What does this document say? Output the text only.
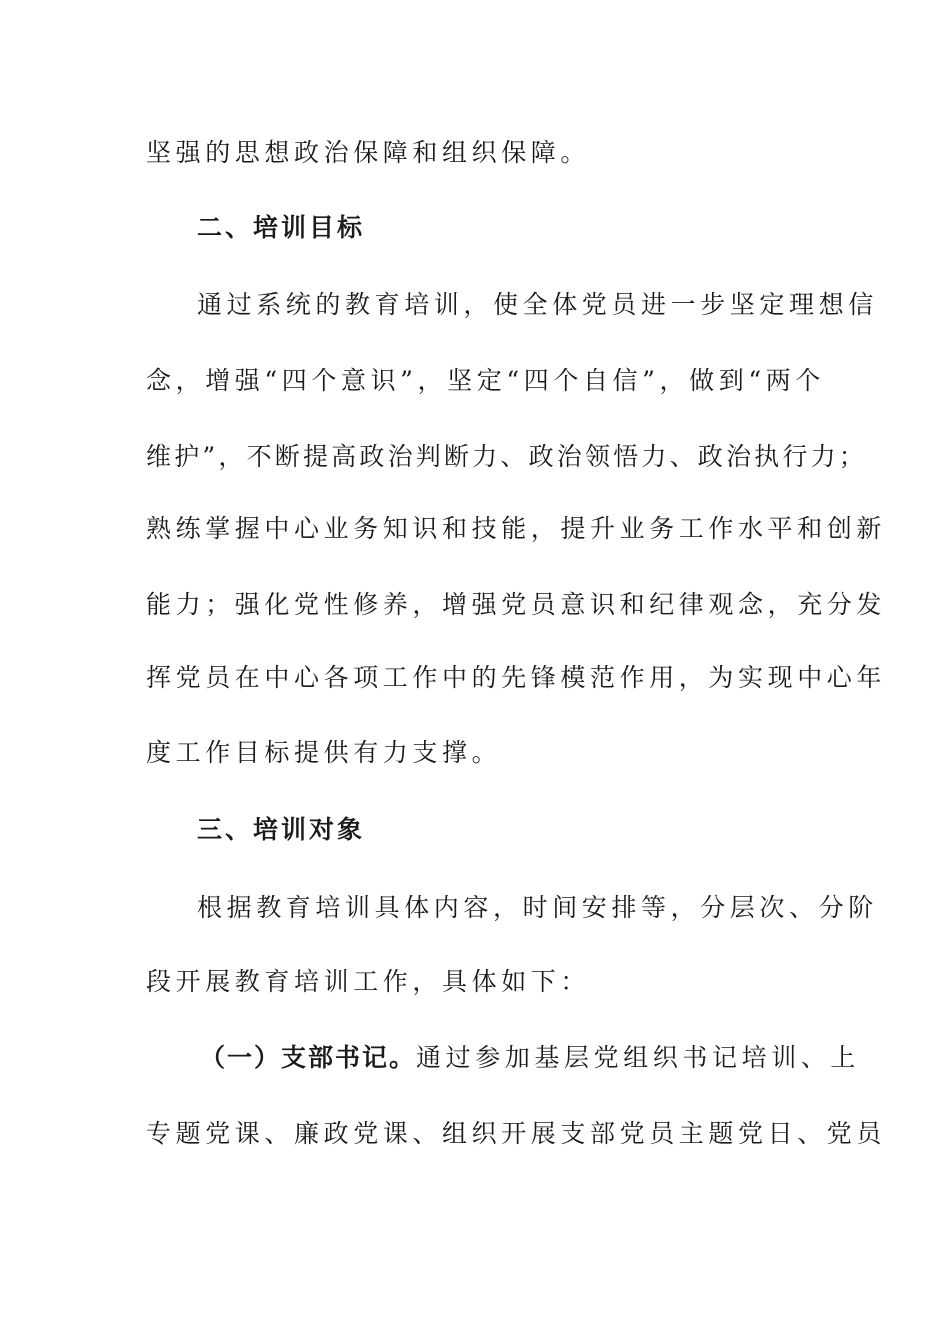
坚强的思想政治保障和组织保障。
二、培训目标
通过系统的教育培训，使全体党员进一步坚定理想信
念，增强“四个意识”，坚定“四个自信”，做到“两个
维护”，不断提高政治判断力、政治领悟力、政治执行力；
熟练掌握中心业务知识和技能，提升业务工作水平和创新
能力；强化党性修养，增强党员意识和纪律观念，充分发
挥党员在中心各项工作中的先锋模范作用，为实现中心年
度工作目标提供有力支撑。
三、培训对象
根据教育培训具体内容，时间安排等，分层次、分阶
段开展教育培训工作，具体如下：
（一）支部书记。通过参加基层党组织书记培训、上
专题党课、廉政党课、组织开展支部党员主题党日、党员
